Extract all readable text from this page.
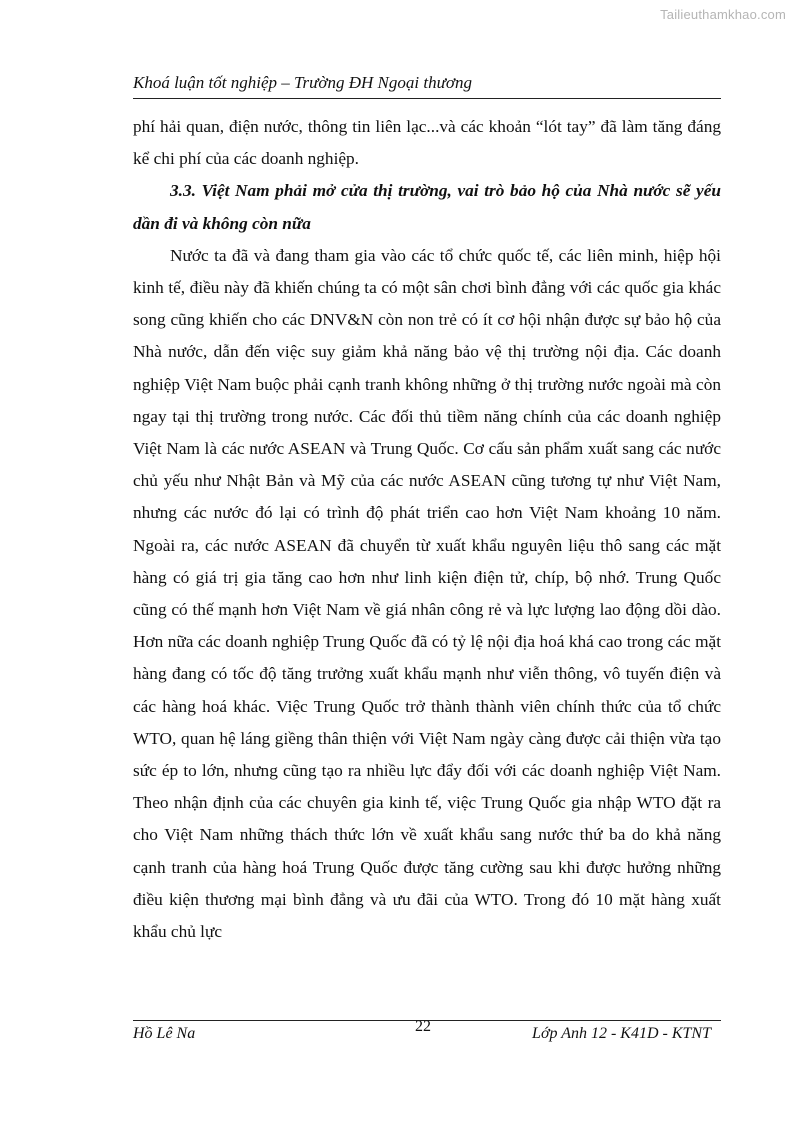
Tailieuthamkhao.com
Khoá luận tốt nghiệp – Trường ĐH Ngoại thương

phí hải quan, điện nước, thông tin liên lạc...và các khoản “lót tay” đã làm tăng đáng kể chi phí của các doanh nghiệp.

3.3. Việt Nam phải mở cửa thị trường, vai trò bảo hộ của Nhà nước sẽ yếu dần đi và không còn nữa

Nước ta đã và đang tham gia vào các tổ chức quốc tế, các liên minh, hiệp hội kinh tế, điều này đã khiến chúng ta có một sân chơi bình đẳng với các quốc gia khác song cũng khiến cho các DNV&N còn non trẻ có ít cơ hội nhận được sự bảo hộ của Nhà nước, dẫn đến việc suy giảm khả năng bảo vệ thị trường nội địa. Các doanh nghiệp Việt Nam buộc phải cạnh tranh không những ở thị trường nước ngoài mà còn ngay tại thị trường trong nước. Các đối thủ tiềm năng chính của các doanh nghiệp Việt Nam là các nước ASEAN và Trung Quốc. Cơ cấu sản phẩm xuất sang các nước chủ yếu như Nhật Bản và Mỹ của các nước ASEAN cũng tương tự như Việt Nam, nhưng các nước đó lại có trình độ phát triển cao hơn Việt Nam khoảng 10 năm. Ngoài ra, các nước ASEAN đã chuyển từ xuất khẩu nguyên liệu thô sang các mặt hàng có giá trị gia tăng cao hơn như linh kiện điện tử, chíp, bộ nhớ. Trung Quốc cũng có thế mạnh hơn Việt Nam về giá nhân công rẻ và lực lượng lao động dồi dào. Hơn nữa các doanh nghiệp Trung Quốc đã có tỷ lệ nội địa hoá khá cao trong các mặt hàng đang có tốc độ tăng trưởng xuất khẩu mạnh như viễn thông, vô tuyến điện và các hàng hoá khác. Việc Trung Quốc trở thành thành viên chính thức của tổ chức WTO, quan hệ láng giềng thân thiện với Việt Nam ngày càng được cải thiện vừa tạo sức ép to lớn, nhưng cũng tạo ra nhiều lực đẩy đối với các doanh nghiệp Việt Nam. Theo nhận định của các chuyên gia kinh tế, việc Trung Quốc gia nhập WTO đặt ra cho Việt Nam những thách thức lớn về xuất khẩu sang nước thứ ba do khả năng cạnh tranh của hàng hoá Trung Quốc được tăng cường sau khi được hưởng những điều kiện thương mại bình đẳng và ưu đãi của WTO. Trong đó 10 mặt hàng xuất khẩu chủ lực

Hồ Lê Na	22	Lớp Anh 12 - K41D - KTNT
